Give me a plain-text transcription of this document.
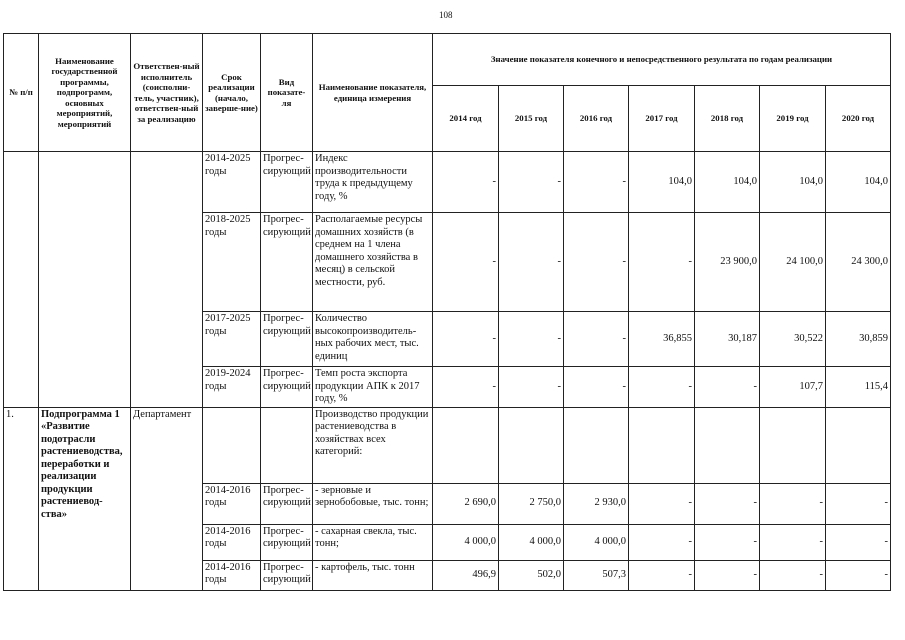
108
№ п/п	Наименование государственной программы, подпрограмм, основных мероприятий, мероприятий	Ответствен-ный исполнитель (соисполни-тель, участник), ответствен-ный за реализацию	Срок реализации (начало, заверше-ние)	Вид показате-ля	Наименование показателя, единица измерения	Значение показателя конечного и непосредственного результата по годам реализации						
						2014 год	2015 год	2016 год	2017 год	2018 год	2019 год	2020 год
			2014-2025 годы	Прогрес-сирующий	Индекс производительности труда к предыдущему году, %	-	-	-	104,0	104,0	104,0	104,0
			2018-2025 годы	Прогрес-сирующий	Располагаемые ресурсы домашних хозяйств (в среднем на 1 члена домашнего хозяйства в месяц) в сельской местности, руб.	-	-	-	-	23 900,0	24 100,0	24 300,0
			2017-2025 годы	Прогрес-сирующий	Количество высокопроизводитель-ных рабочих мест, тыс. единиц	-	-	-	36,855	30,187	30,522	30,859
			2019-2024 годы	Прогрес-сирующий	Темп роста экспорта продукции АПК к 2017 году, %	-	-	-	-	-	107,7	115,4
1.	Подпрограмма 1 «Развитие подотрасли растениеводства, переработки и реализации продукции растениевод-ства»	Департамент			Производство продукции растениеводства в хозяйствах всех категорий:							
			2014-2016 годы	Прогрес-сирующий	- зерновые и зернобобовые, тыс. тонн;	2 690,0	2 750,0	2 930,0	-	-	-	-
			2014-2016 годы	Прогрес-сирующий	- сахарная свекла, тыс. тонн;	4 000,0	4 000,0	4 000,0	-	-	-	-
			2014-2016 годы	Прогрес-сирующий	- картофель, тыс. тонн	496,9	502,0	507,3	-	-	-	-
